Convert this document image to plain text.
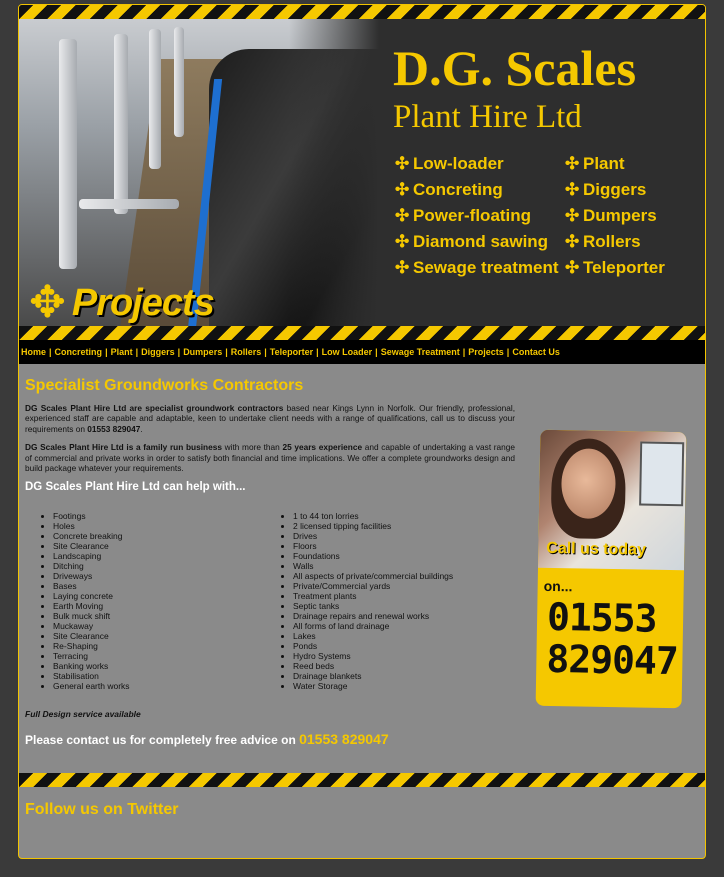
✥ Projects
D.G. Scales
Plant Hire Ltd
✣ Low-loader
✣ Concreting
✣ Power-floating
✣ Diamond sawing
✣ Sewage treatment
✣ Plant
✣ Diggers
✣ Dumpers
✣ Rollers
✣ Teleporter
Home | Concreting | Plant | Diggers | Dumpers | Rollers | Teleporter | Low Loader | Sewage Treatment | Projects | Contact Us
Specialist Groundworks Contractors

DG Scales Plant Hire Ltd are specialist groundwork contractors based near Kings Lynn in Norfolk. Our friendly, professional, experienced staff are capable and adaptable, keen to undertake client needs with a range of qualifications, call us to discuss your requirements on 01553 829047.

DG Scales Plant Hire Ltd is a family run business with more than 25 years experience and capable of undertaking a vast range of commercial and private works in order to satisfy both financial and time implications. We offer a complete groundworks design and build package whatever your requirements.

DG Scales Plant Hire Ltd can help with...
• Footings
• Holes
• Concrete breaking
• Site Clearance
• Landscaping
• Ditching
• Driveways
• Bases
• Laying concrete
• Earth Moving
• Bulk muck shift
• Muckaway
• Site Clearance
• Re-Shaping
• Terracing
• Banking works
• Stabilisation
• General earth works
• 1 to 44 ton lorries
• 2 licensed tipping facilities
• Drives
• Floors
• Foundations
• Walls
• All aspects of private/commercial buildings
• Private/Commercial yards
• Treatment plants
• Septic tanks
• Drainage repairs and renewal works
• All forms of land drainage
• Lakes
• Ponds
• Hydro Systems
• Reed beds
• Drainage blankets
• Water Storage
Full Design service available
Please contact us for completely free advice on 01553 829047
Call us today
on...
01553
829047
Follow us on Twitter
